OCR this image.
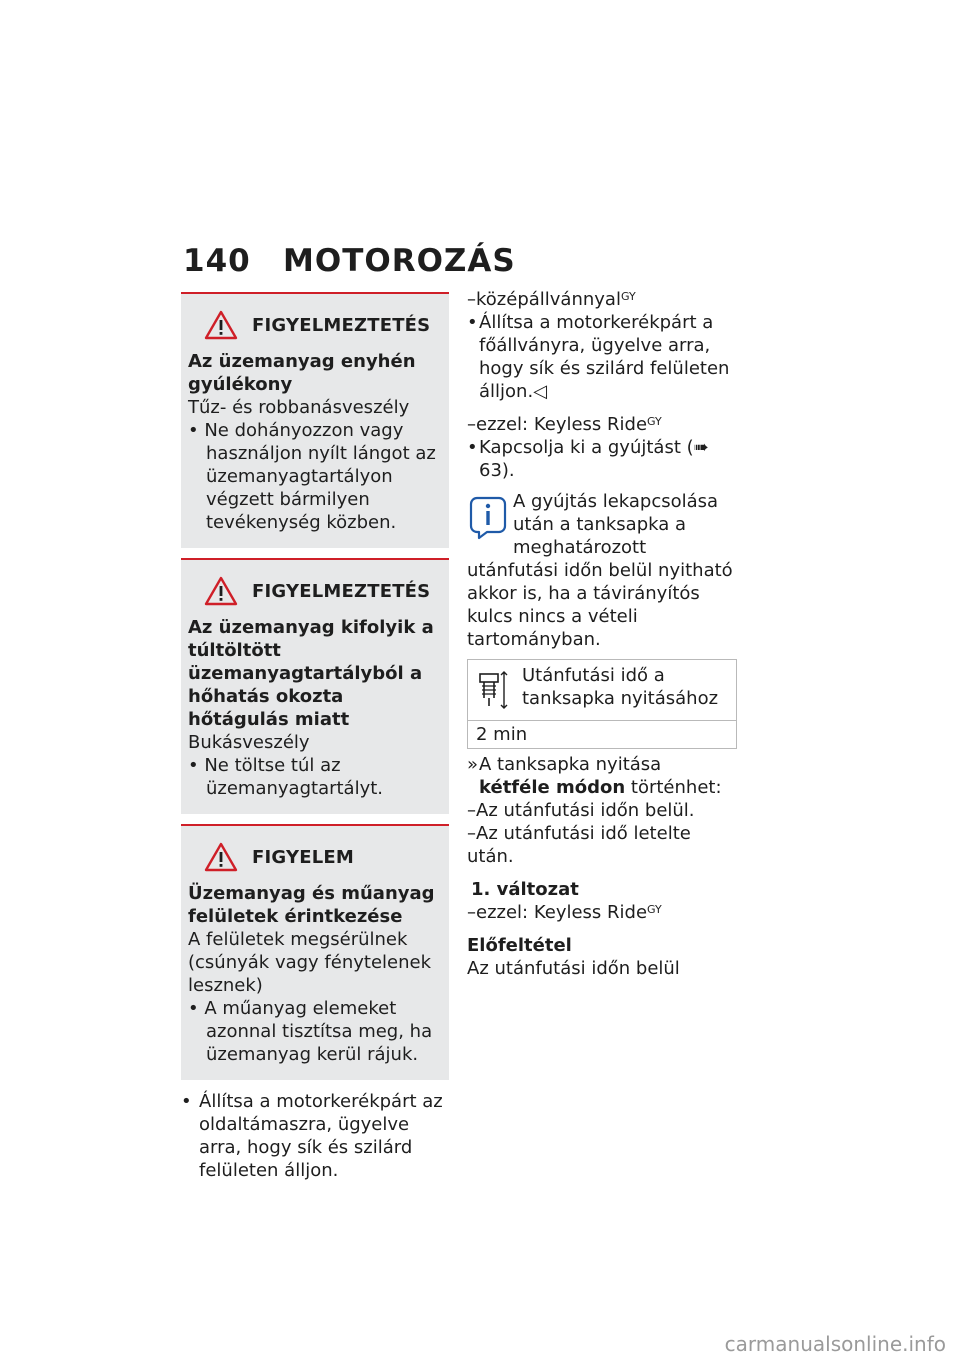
140 MOTOROZÁS
FIGYELMEZTETÉS
Az üzemanyag enyhén gyúlékony
Tűz- és robbanásveszély
• Ne dohányozzon vagy használjon nyílt lángot az üzemanyagtartályon végzett bármilyen tevékenység közben.
FIGYELMEZTETÉS
Az üzemanyag kifolyik a túltöltött üzemanyagtartályból a hőhatás okozta hőtágulás miatt
Bukásveszély
• Ne töltse túl az üzemanyagtartályt.
FIGYELEM
Üzemanyag és műanyag felületek érintkezése
A felületek megsérülnek (csúnyák vagy fénytelenek lesznek)
• A műanyag elemeket azonnal tisztítsa meg, ha üzemanyag kerül rájuk.
• Állítsa a motorkerékpárt az oldaltámaszra, ügyelve arra, hogy sík és szilárd felületen álljon.
–középállvánnyal$^{GY}$
• Állítsa a motorkerékpárt a főállványra, ügyelve arra, hogy sík és szilárd felületen álljon.◁
–ezzel: Keyless Ride$^{GY}$
• Kapcsolja ki a gyújtást (➠ 63).
A gyújtás lekapcsolása után a tanksapka a meghatározott utánfutási időn belül nyitható akkor is, ha a távirányítós kulcs nincs a vételi tartományban.
Utánfutási idő a tanksapka nyitásához
2 min
» A tanksapka nyitása kétféle módon történhet:
–Az utánfutási időn belül.
–Az utánfutási idő letelte után.
1. változat
–ezzel: Keyless Ride$^{GY}$
Előfeltétel
Az utánfutási időn belül
carmanualsonline.info
